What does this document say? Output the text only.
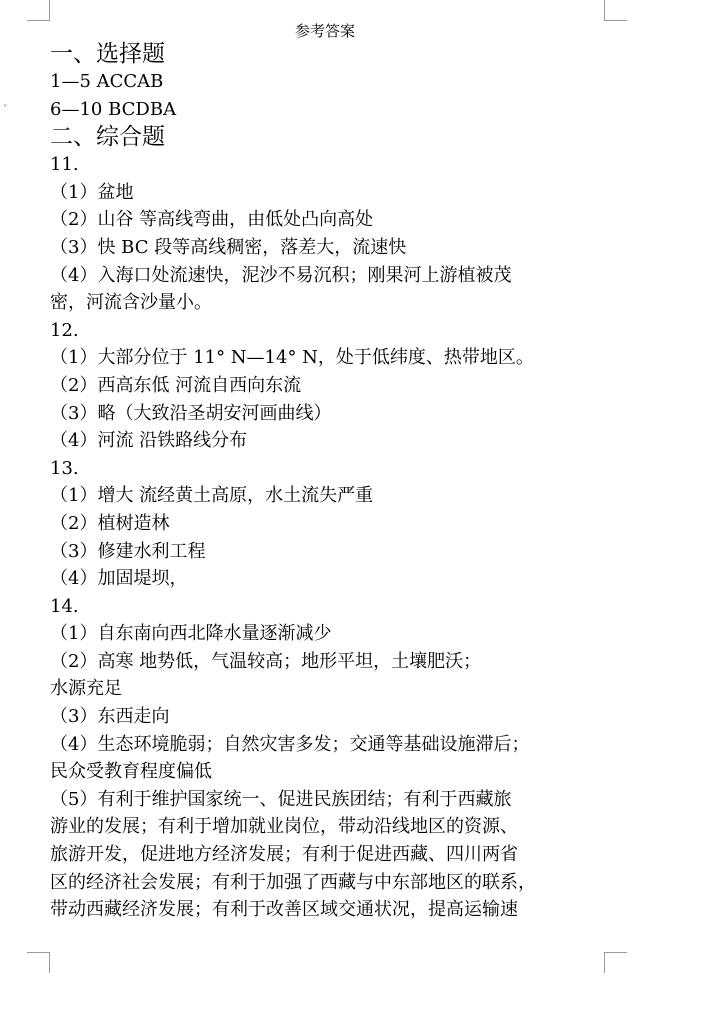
˅
参考答案
一、选择题
1—5 ACCAB
6—10 BCDBA
二、综合题
11.
（1）盆地
（2）山谷 等高线弯曲，由低处凸向高处
（3）快 BC 段等高线稠密，落差大，流速快
（4）入海口处流速快，泥沙不易沉积；刚果河上游植被茂
密，河流含沙量小。
12.
（1）大部分位于 11° N—14° N，处于低纬度、热带地区。
（2）西高东低 河流自西向东流
（3）略（大致沿圣胡安河画曲线）
（4）河流 沿铁路线分布
13.
（1）增大 流经黄土高原，水土流失严重
（2）植树造林
（3）修建水利工程
（4）加固堤坝，
14.
（1）自东南向西北降水量逐渐减少
（2）高寒 地势低，气温较高；地形平坦，土壤肥沃；
水源充足
（3）东西走向
（4）生态环境脆弱；自然灾害多发；交通等基础设施滞后；
民众受教育程度偏低
（5）有利于维护国家统一、促进民族团结；有利于西藏旅
游业的发展；有利于增加就业岗位，带动沿线地区的资源、
旅游开发，促进地方经济发展；有利于促进西藏、四川两省
区的经济社会发展；有利于加强了西藏与中东部地区的联系，
带动西藏经济发展；有利于改善区域交通状况，提高运输速
